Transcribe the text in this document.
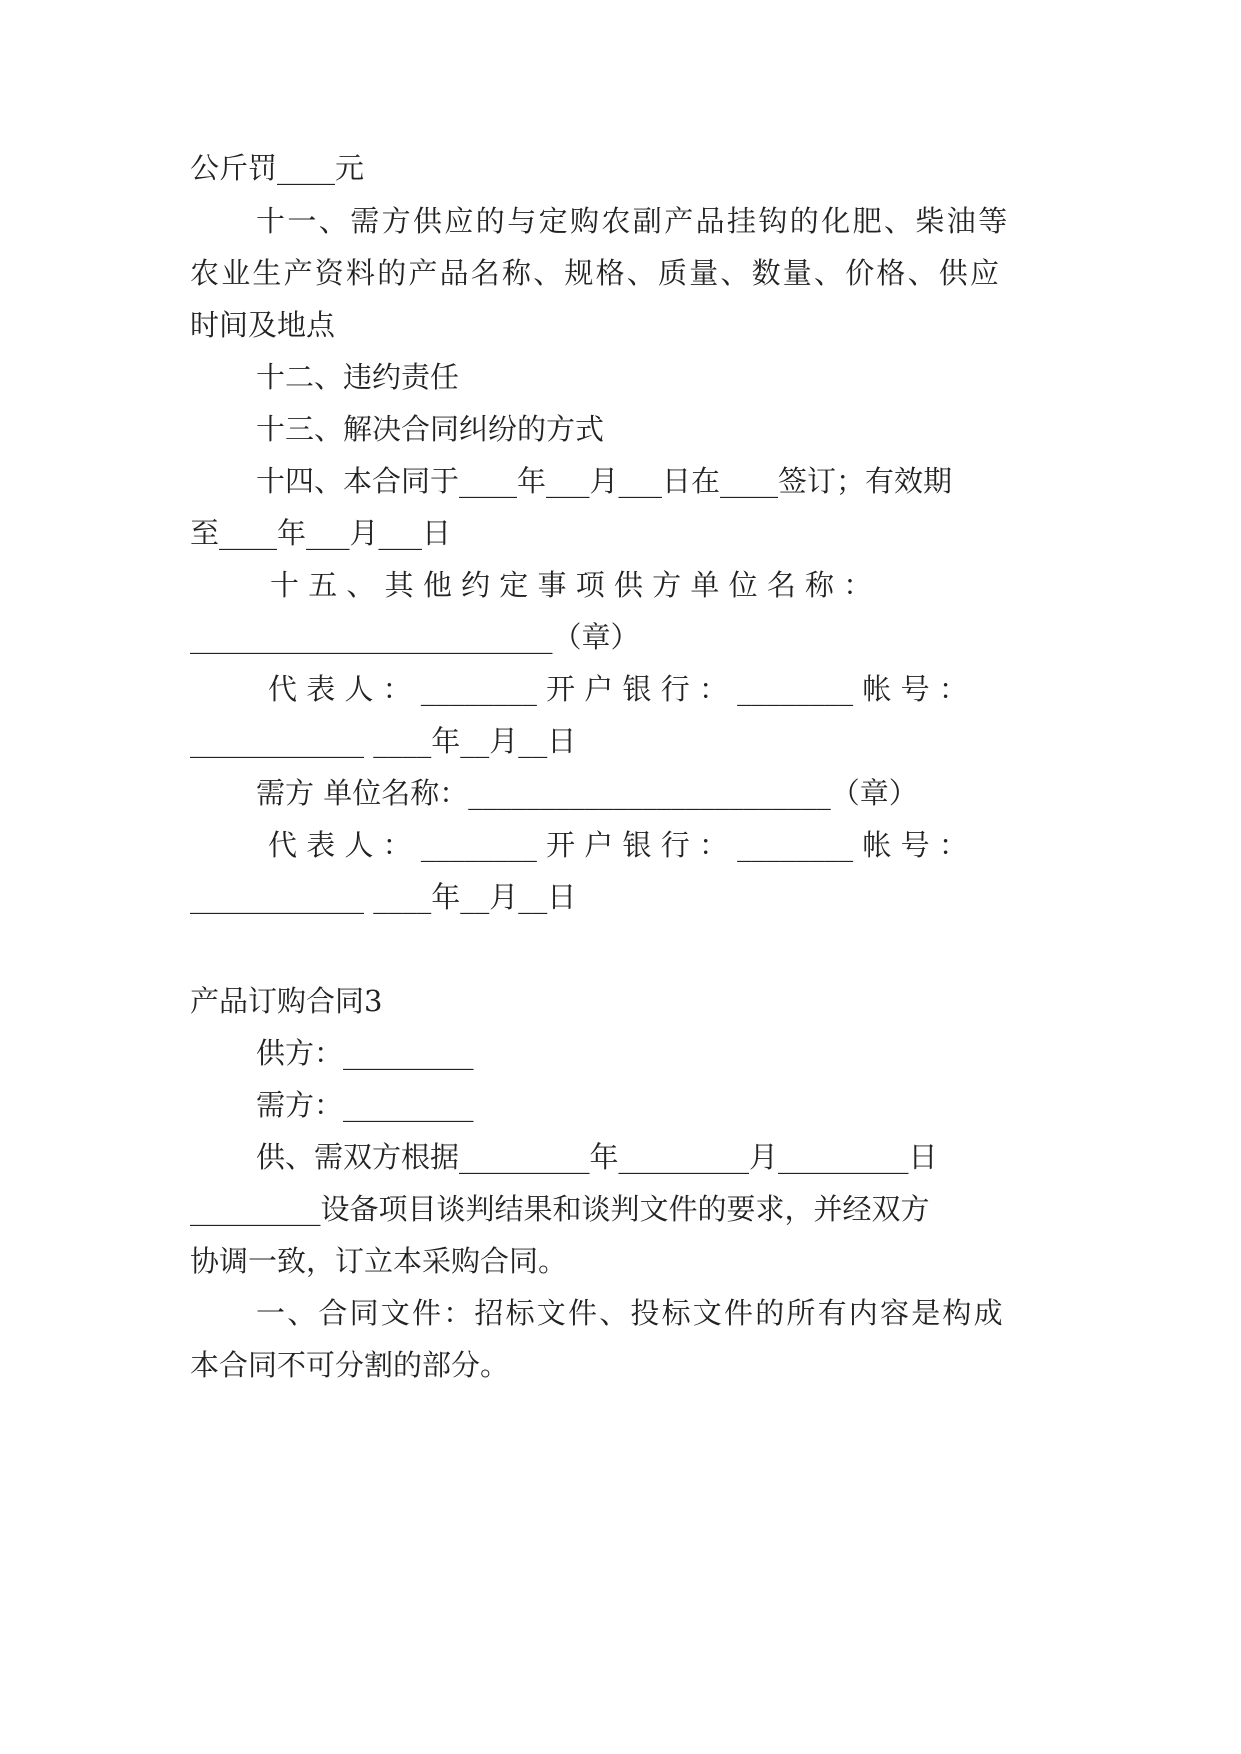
公斤罚____元
十一、需方供应的与定购农副产品挂钩的化肥、柴油等
农业生产资料的产品名称、规格、质量、数量、价格、供应
时间及地点
十二、违约责任
十三、解决合同纠纷的方式
十四、本合同于____年___月___日在____签订；有效期
至____年___月___日
十 五 、 其 他 约 定 事 项 供 方 单 位 名 称 ：
_________________________（章）
代 表 人 ： ________ 开 户 银 行 ： ________ 帐 号 ：
____________ ____年__月__日
需方 单位名称：_________________________（章）
代 表 人 ： ________ 开 户 银 行 ： ________ 帐 号 ：
____________ ____年__月__日
产品订购合同3
供方：_________
需方：_________
供、需双方根据_________年_________月_________日
_________设备项目谈判结果和谈判文件的要求，并经双方
协调一致，订立本采购合同。
一、合同文件：招标文件、投标文件的所有内容是构成
本合同不可分割的部分。
